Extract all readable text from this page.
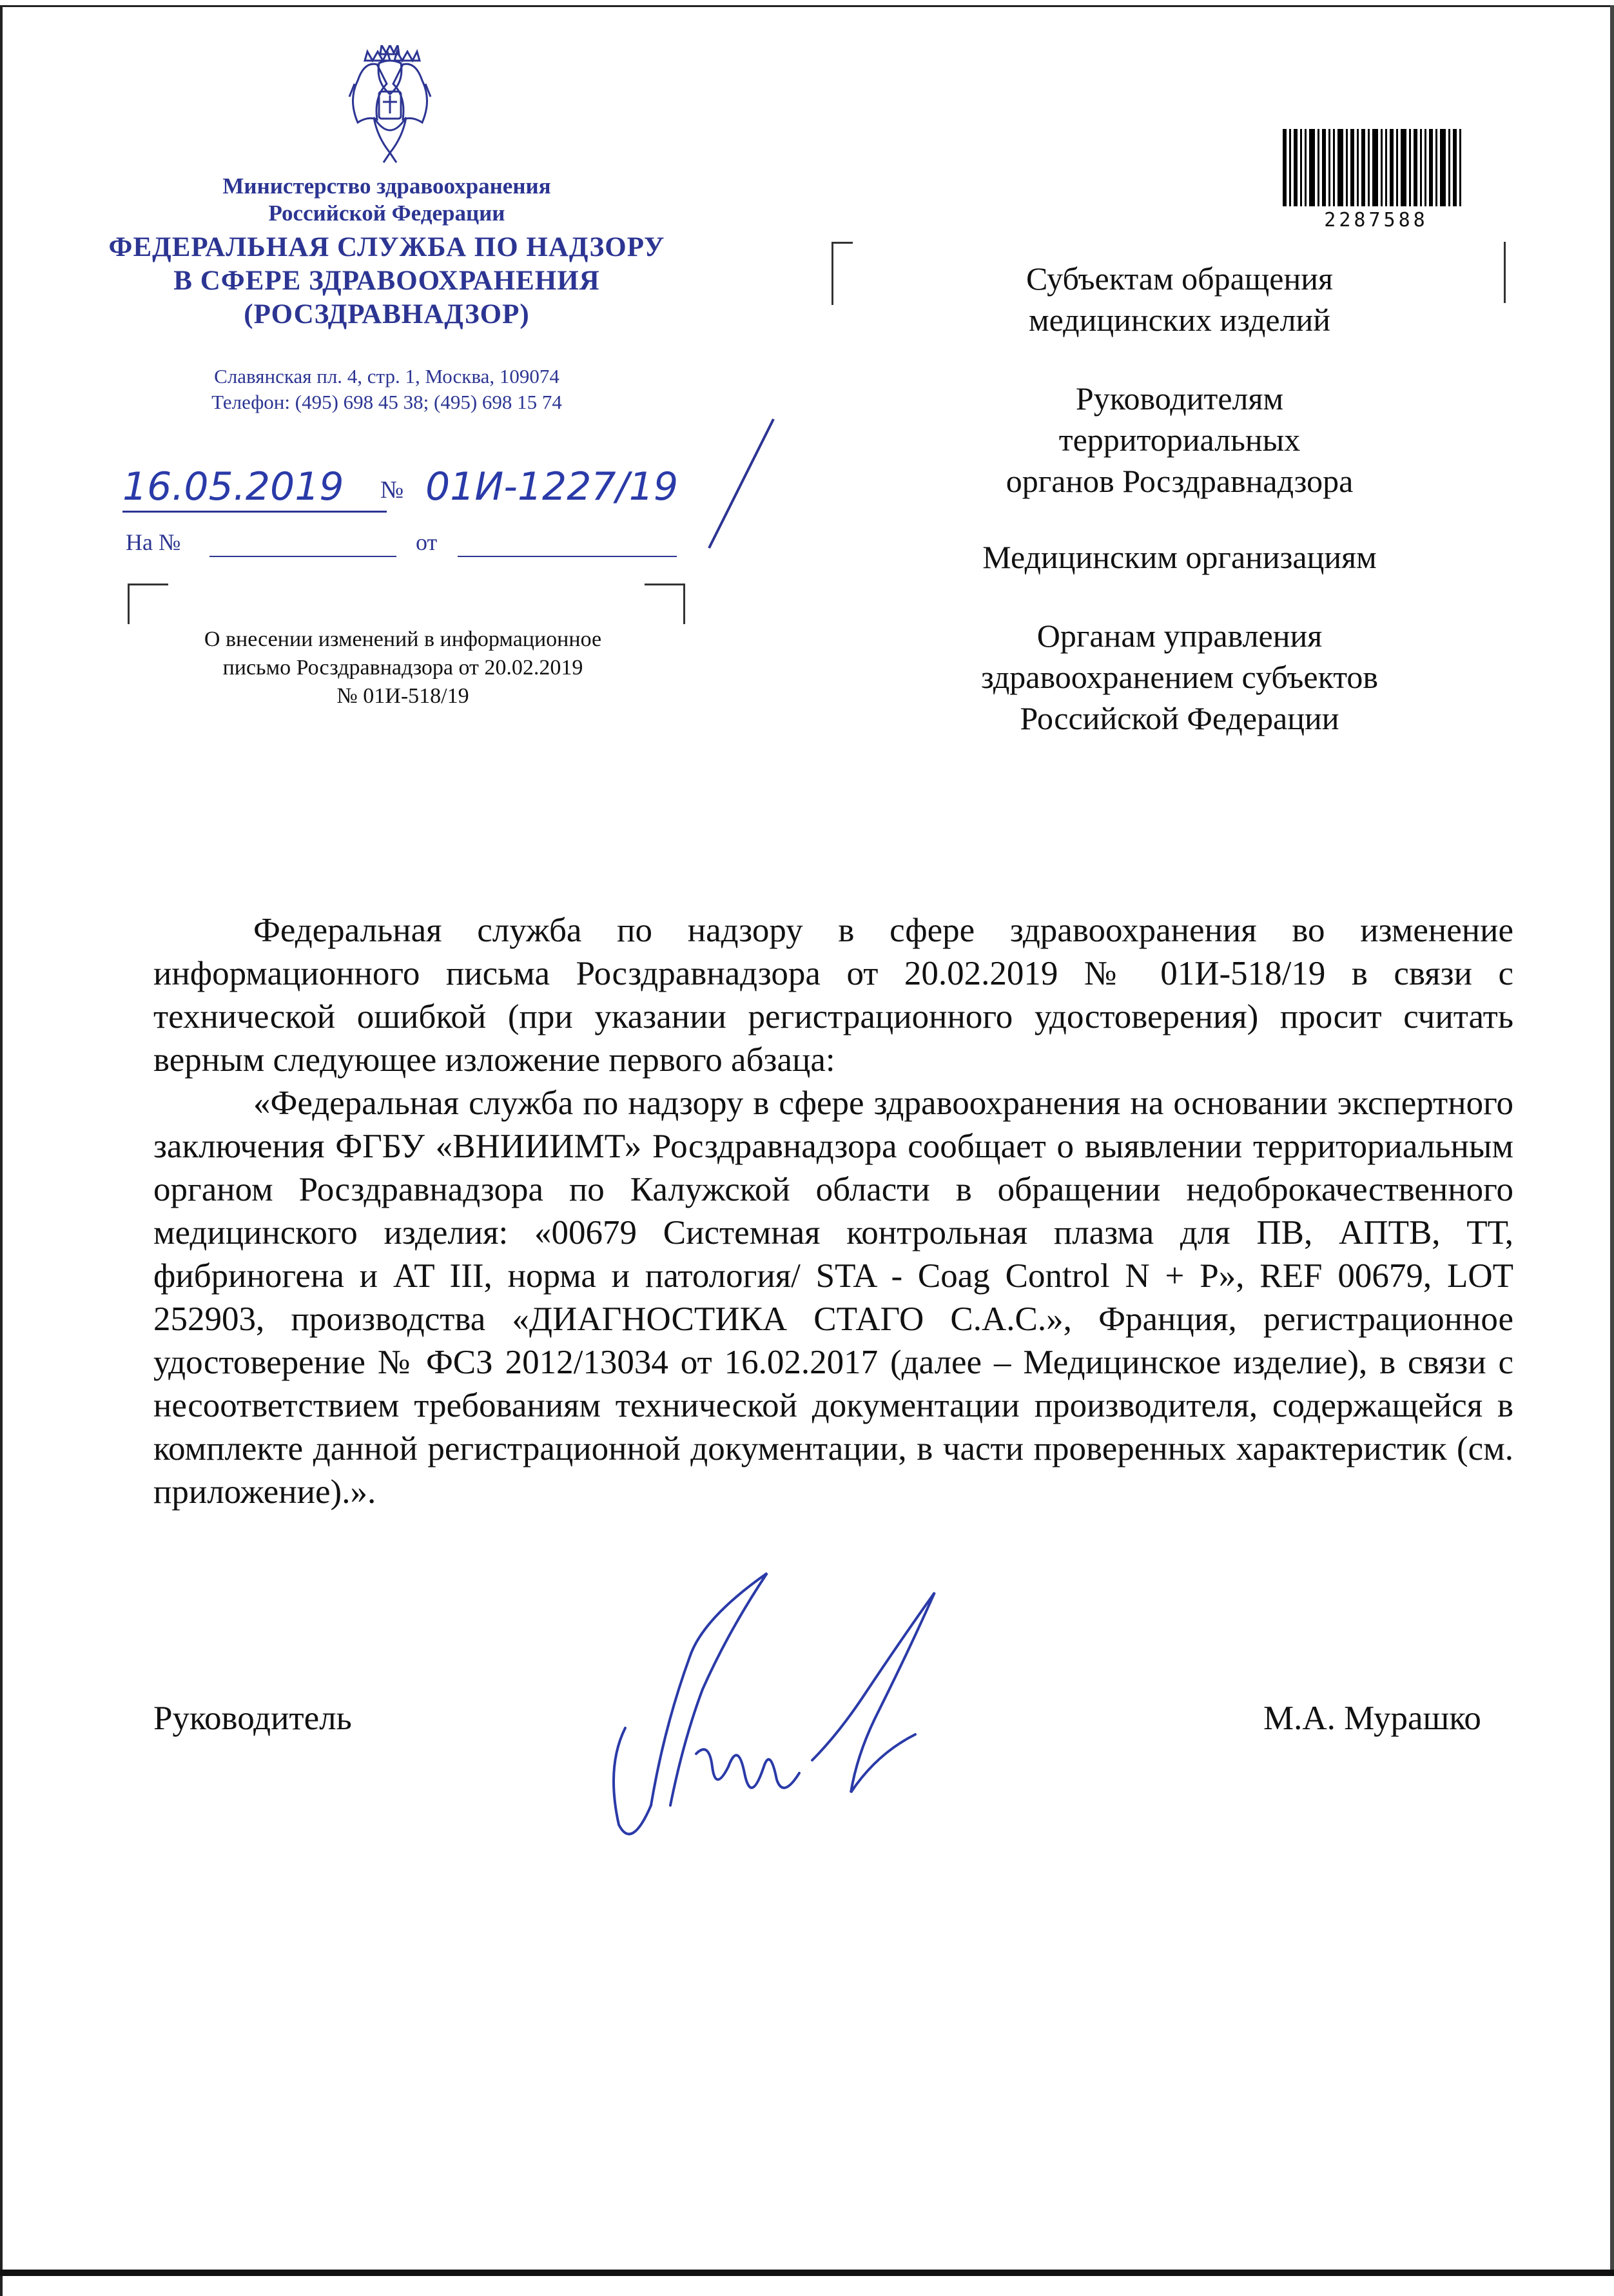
Министерство здравоохранения
Российской Федерации
ФЕДЕРАЛЬНАЯ СЛУЖБА ПО НАДЗОРУ
В СФЕРЕ ЗДРАВООХРАНЕНИЯ
(РОСЗДРАВНАДЗОР)
Славянская пл. 4, стр. 1, Москва, 109074
Телефон: (495) 698 45 38; (495) 698 15 74
16.05.2019 № 01И-1227/19
На №	от
О внесении изменений в информационное
письмо Росздравнадзора от 20.02.2019
№ 01И-518/19
2287588
Субъектам обращения
медицинских изделий
Руководителям
территориальных
органов Росздравнадзора
Медицинским организациям
Органам управления
здравоохранением субъектов
Российской Федерации

Федеральная служба по надзору в сфере здравоохранения во изменение информационного письма Росздравнадзора от 20.02.2019 № 01И-518/19 в связи с технической ошибкой (при указании регистрационного удостоверения) просит считать верным следующее изложение первого абзаца:

«Федеральная служба по надзору в сфере здравоохранения на основании экспертного заключения ФГБУ «ВНИИИМТ» Росздравнадзора сообщает о выявлении территориальным органом Росздравнадзора по Калужской области в обращении недоброкачественного медицинского изделия: «00679 Системная контрольная плазма для ПВ, АПТВ, ТТ, фибриногена и AT III, норма и патология/ STA - Coag Control N + P», REF 00679, LOT 252903, производства «ДИАГНОСТИКА СТАГО С.А.С.», Франция, регистрационное удостоверение № ФСЗ 2012/13034 от 16.02.2017 (далее – Медицинское изделие), в связи с несоответствием требованиям технической документации производителя, содержащейся в комплекте данной регистрационной документации, в части проверенных характеристик (см. приложение).».

Руководитель	М.А. Мурашко
